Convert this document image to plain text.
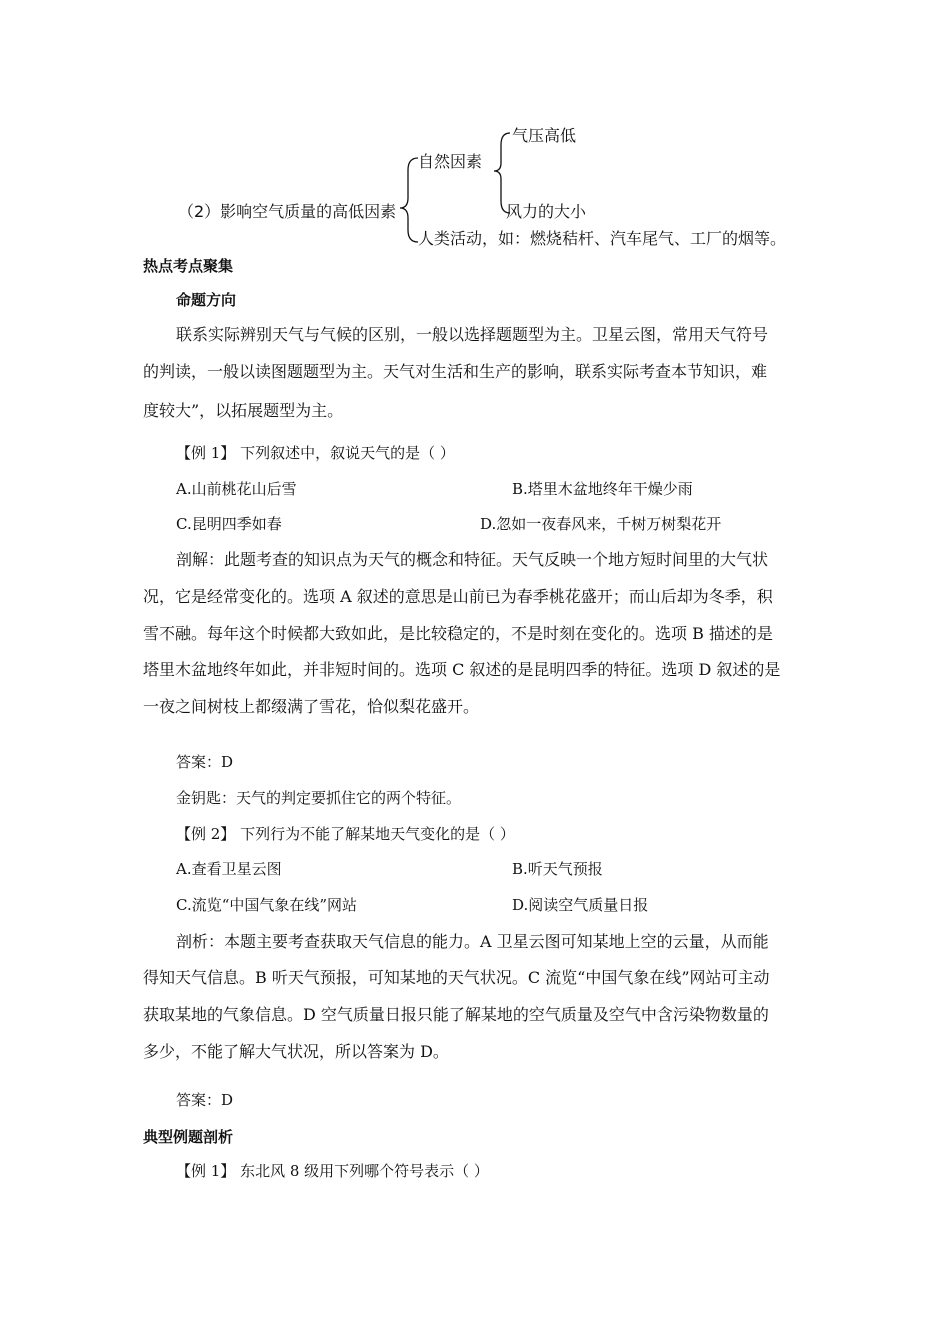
（2）影响空气质量的高低因素
自然因素
气压高低
风力的大小
人类活动，如：燃烧秸杆、汽车尾气、工厂的烟等。
热点考点聚集
命题方向
联系实际辨别天气与气候的区别，一般以选择题题型为主。卫星云图，常用天气符号
的判读，一般以读图题题型为主。天气对生活和生产的影响，联系实际考查本节知识，难
度较大”，以拓展题型为主。
【例 1】 下列叙述中，叙说天气的是（ ）
A.山前桃花山后雪	B.塔里木盆地终年干燥少雨
C.昆明四季如春	D.忽如一夜春风来，千树万树梨花开
剖解：此题考查的知识点为天气的概念和特征。天气反映一个地方短时间里的大气状
况，它是经常变化的。选项 A 叙述的意思是山前已为春季桃花盛开；而山后却为冬季，积
雪不融。每年这个时候都大致如此，是比较稳定的，不是时刻在变化的。选项 B 描述的是
塔里木盆地终年如此，并非短时间的。选项 C 叙述的是昆明四季的特征。选项 D 叙述的是
一夜之间树枝上都缀满了雪花，恰似梨花盛开。
答案：D
金钥匙：天气的判定要抓住它的两个特征。
【例 2】 下列行为不能了解某地天气变化的是（ ）
A.查看卫星云图	B.听天气预报
C.流览“中国气象在线”网站	D.阅读空气质量日报
剖析：本题主要考查获取天气信息的能力。A 卫星云图可知某地上空的云量，从而能
得知天气信息。B 听天气预报，可知某地的天气状况。C 流览“中国气象在线”网站可主动
获取某地的气象信息。D 空气质量日报只能了解某地的空气质量及空气中含污染物数量的
多少，不能了解大气状况，所以答案为 D。
答案：D
典型例题剖析
【例 1】 东北风 8 级用下列哪个符号表示（ ）
